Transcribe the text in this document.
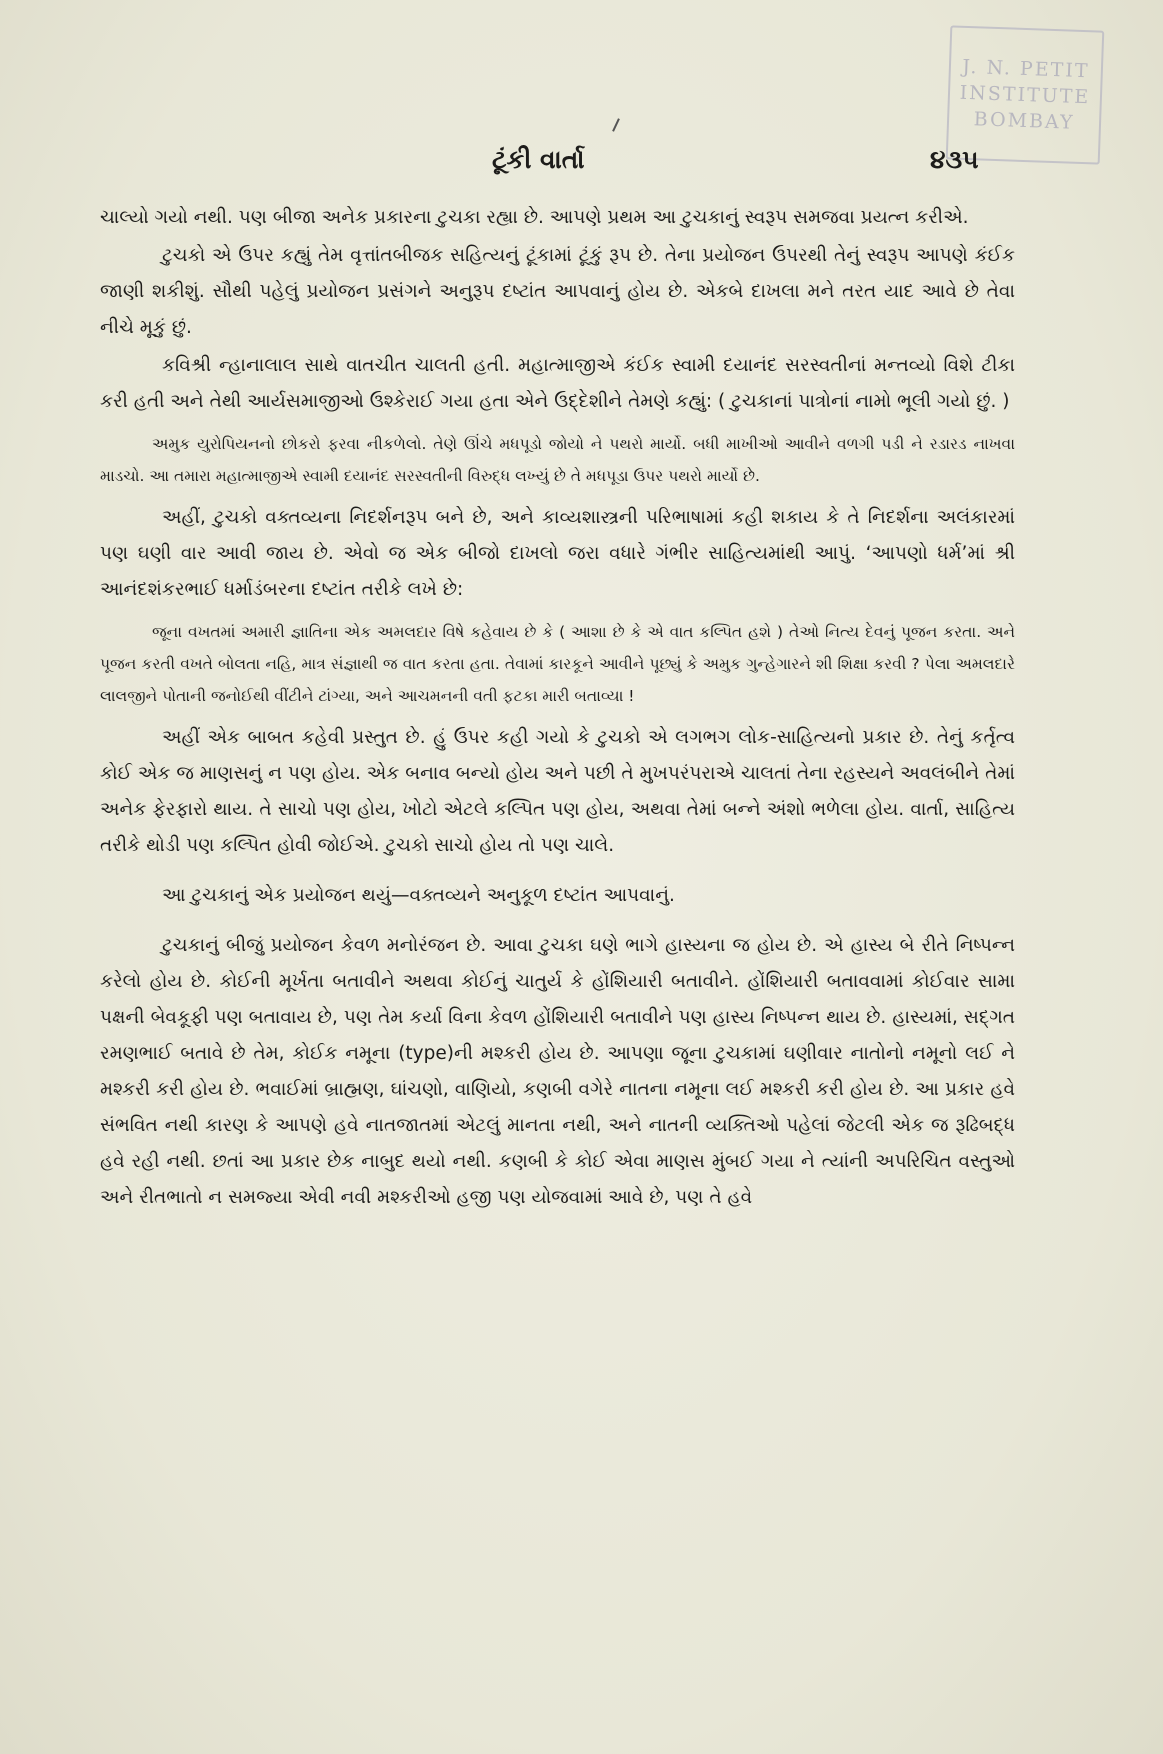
J. N. PETIT
INSTITUTE
BOMBAY
ટૂંકી વાર્તા	૪૩૫

ચાલ્યો ગયો નથી. પણ બીજા અનેક પ્રકારના ટુચકા રહ્યા છે. આપણે પ્રથમ આ ટુચકાનું સ્વરૂપ સમજવા પ્રયત્ન કરીએ.

ટુચકો એ ઉપર કહ્યું તેમ વૃત્તાંતબીજક સહિત્યનું ટૂંકામાં ટૂંકું રૂપ છે. તેના પ્રયોજન ઉપરથી તેનું સ્વરૂપ આપણે કંઈક જાણી શકીશું. સૌથી પહેલું પ્રયોજન પ્રસંગને અનુરૂપ દષ્ટાંત આપવાનું હોય છે. એકબે દાખલા મને તરત યાદ આવે છે તેવા નીચે મૂકું છું.

કવિશ્રી ન્હાનાલાલ સાથે વાતચીત ચાલતી હતી. મહાત્માજીએ કંઈક સ્વામી દયાનંદ સરસ્વતીનાં મન્તવ્યો વિશે ટીકા કરી હતી અને તેથી આર્યસમાજીઓ ઉશ્કેરાઈ ગયા હતા એને ઉદ્દેશીને તેમણે કહ્યું: ( ટુચકાનાં પાત્રોનાં નામો ભૂલી ગયો છું. )

અમુક યુરોપિયનનો છોકરો ફરવા નીકળેલો. તેણે ઊંચે મધપૂડો જોયો ને પથરો માર્યો. બધી માખીઓ આવીને વળગી પડી ને રડારડ નાખવા માડચો. આ તમારા મહાત્માજીએ સ્વામી દયાનંદ સરસ્વતીની વિરુદ્ધ લખ્યું છે તે મધપૂડા ઉપર પથરો માર્યો છે.

અહીં, ટુચકો વક્તવ્યના નિદર્શનરૂપ બને છે, અને કાવ્યશાસ્ત્રની પરિભાષામાં કહી શકાય કે તે નિદર્શના અલંકારમાં પણ ઘણી વાર આવી જાય છે. એવો જ એક બીજો દાખલો જરા વધારે ગંભીર સાહિત્યમાંથી આપું. ‘આપણો ધર્મ’માં શ્રી આનંદશંકરભાઈ ધર્માડંબરના દષ્ટાંત તરીકે લખે છે:

જૂના વખતમાં અમારી જ્ઞાતિના એક અમલદાર વિષે કહેવાય છે કે ( આશા છે કે એ વાત કલ્પિત હશે ) તેઓ નિત્ય દેવનું પૂજન કરતા. અને પૂજન કરતી વખતે બોલતા નહિ, માત્ર સંજ્ઞાથી જ વાત કરતા હતા. તેવામાં કારકૂને આવીને પૂછ્યું કે અમુક ગુન્હેગારને શી શિક્ષા કરવી ? પેલા અમલદારે લાલજીને પોતાની જનોઈથી વીંટીને ટાંગ્યા, અને આચમનની વતી ફટકા મારી બતાવ્યા !

અહીં એક બાબત કહેવી પ્રસ્તુત છે. હું ઉપર કહી ગયો કે ટુચકો એ લગભગ લોક-સાહિત્યનો પ્રકાર છે. તેનું કર્તૃત્વ કોઈ એક જ માણસનું ન પણ હોય. એક બનાવ બન્યો હોય અને પછી તે મુખપરંપરાએ ચાલતાં તેના રહસ્યને અવલંબીને તેમાં અનેક ફેરફારો થાય. તે સાચો પણ હોય, ખોટો એટલે કલ્પિત પણ હોય, અથવા તેમાં બન્ને અંશો ભળેલા હોય. વાર્તા, સાહિત્ય તરીકે થોડી પણ કલ્પિત હોવી જોઈએ. ટુચકો સાચો હોય તો પણ ચાલે.

આ ટુચકાનું એક પ્રયોજન થયું—વક્તવ્યને અનુકૂળ દષ્ટાંત આપવાનું.

ટુચકાનું બીજું પ્રયોજન કેવળ મનોરંજન છે. આવા ટુચકા ઘણે ભાગે હાસ્યના જ હોય છે. એ હાસ્ય બે રીતે નિષ્પન્ન કરેલો હોય છે. કોઈની મૂર્ખતા બતાવીને અથવા કોઈનું ચાતુર્ય કે હોંશિયારી બતાવીને. હોંશિયારી બતાવવામાં કોઈવાર સામા પક્ષની બેવકૂફી પણ બતાવાય છે, પણ તેમ કર્યા વિના કેવળ હોંશિયારી બતાવીને પણ હાસ્ય નિષ્પન્ન થાય છે. હાસ્યમાં, સદ્ગત રમણભાઈ બતાવે છે તેમ, કોઈક નમૂના (type)ની મશ્કરી હોય છે. આપણા જૂના ટુચકામાં ઘણીવાર નાતોનો નમૂનો લઈ ને મશ્કરી કરી હોય છે. ભવાઈમાં બ્રાહ્મણ, ઘાંચણો, વાણિયો, કણબી વગેરે નાતના નમૂના લઈ મશ્કરી કરી હોય છે. આ પ્રકાર હવે સંભવિત નથી કારણ કે આપણે હવે નાતજાતમાં એટલું માનતા નથી, અને નાતની વ્યક્તિઓ પહેલાં જેટલી એક જ રૂઢિબદ્ધ હવે રહી નથી. છતાં આ પ્રકાર છેક નાબુદ થયો નથી. કણબી કે કોઈ એવા માણસ મુંબઈ ગયા ને ત્યાંની અપરિચિત વસ્તુઓ અને રીતભાતો ન સમજ્યા એવી નવી મશ્કરીઓ હજી પણ યોજવામાં આવે છે, પણ તે હવે
